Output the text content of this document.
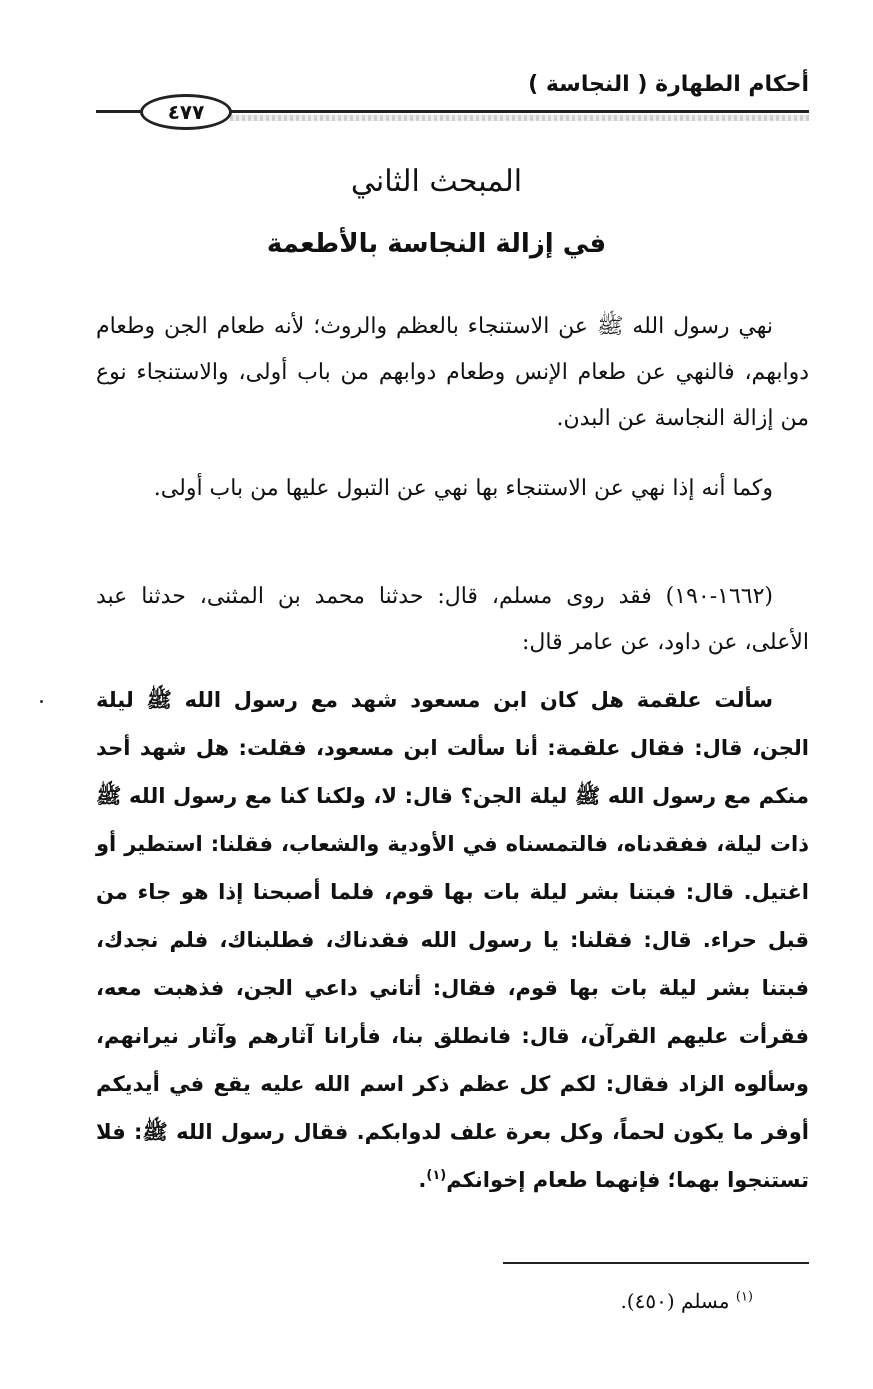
أحكام الطهارة ( النجاسة )
٤٧٧
المبحث الثاني
في إزالة النجاسة بالأطعمة

نهي رسول الله ﷺ عن الاستنجاء بالعظم والروث؛ لأنه طعام الجن وطعام دوابهم، فالنهي عن طعام الإنس وطعام دوابهم من باب أولى، والاستنجاء نوع من إزالة النجاسة عن البدن.

وكما أنه إذا نهي عن الاستنجاء بها نهي عن التبول عليها من باب أولى.

(١٦٦٢-١٩٠) فقد روى مسلم، قال: حدثنا محمد بن المثنى، حدثنا عبد الأعلى، عن داود، عن عامر قال:

سألت علقمة هل كان ابن مسعود شهد مع رسول الله ﷺ ليلة الجن، قال: فقال علقمة: أنا سألت ابن مسعود، فقلت: هل شهد أحد منكم مع رسول الله ﷺ ليلة الجن؟ قال: لا، ولكنا كنا مع رسول الله ﷺ ذات ليلة، ففقدناه، فالتمسناه في الأودية والشعاب، فقلنا: استطير أو اغتيل. قال: فبتنا بشر ليلة بات بها قوم، فلما أصبحنا إذا هو جاء من قبل حراء. قال: فقلنا: يا رسول الله فقدناك، فطلبناك، فلم نجدك، فبتنا بشر ليلة بات بها قوم، فقال: أتاني داعي الجن، فذهبت معه، فقرأت عليهم القرآن، قال: فانطلق بنا، فأرانا آثارهم وآثار نيرانهم، وسألوه الزاد فقال: لكم كل عظم ذكر اسم الله عليه يقع في أيديكم أوفر ما يكون لحماً، وكل بعرة علف لدوابكم. فقال رسول الله ﷺ: فلا تستنجوا بهما؛ فإنهما طعام إخوانكم$^{(١)}$.

$^{(١)}$ مسلم (٤٥٠).
